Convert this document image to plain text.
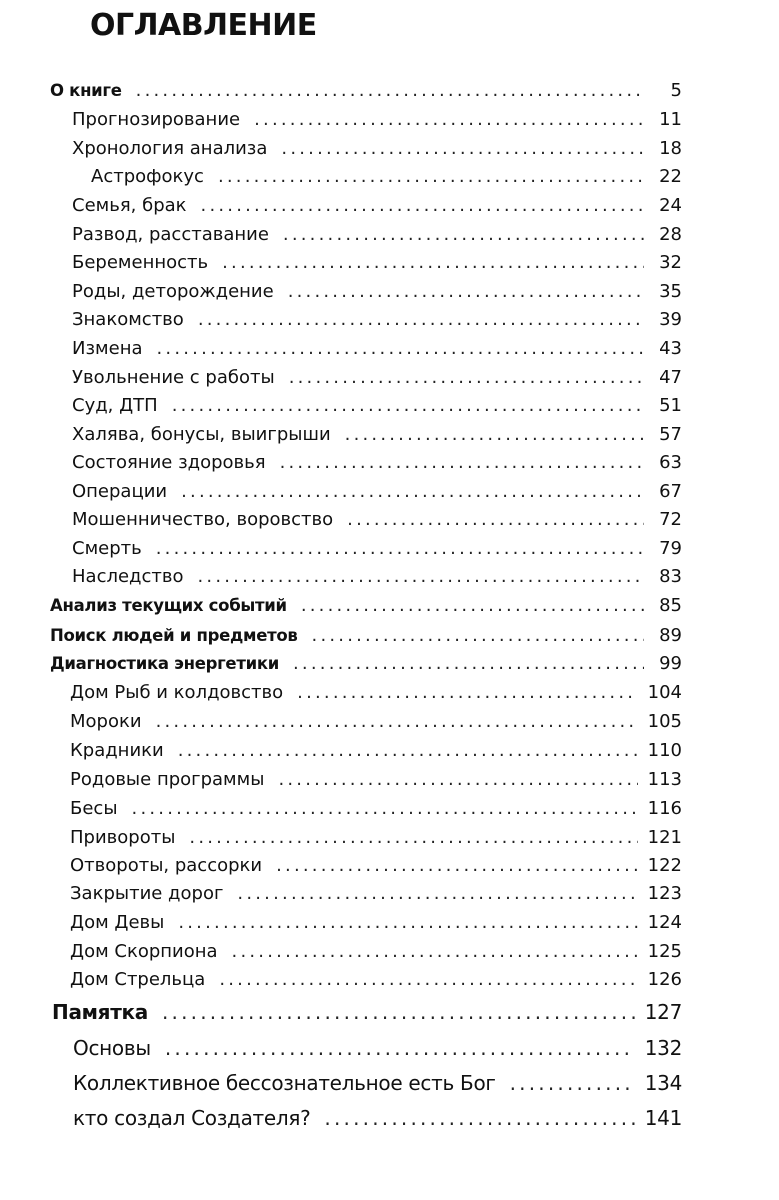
ОГЛАВЛЕНИЕ
О книге .....	5
Прогнозирование .....	11
Хронология анализа .....	18
Астрофокус .....	22
Семья, брак .....	24
Развод, расставание .....	28
Беременность .....	32
Роды, деторождение .....	35
Знакомство .....	39
Измена .....	43
Увольнение с работы .....	47
Суд, ДТП .....	51
Халява, бонусы, выигрыши .....	57
Состояние здоровья .....	63
Операции .....	67
Мошенничество, воровство .....	72
Смерть .....	79
Наследство .....	83
Анализ текущих событий .....	85
Поиск людей и предметов .....	89
Диагностика энергетики .....	99
Дом Рыб и колдовство .....	104
Мороки .....	105
Крадники .....	110
Родовые программы .....	113
Бесы .....	116
Привороты .....	121
Отвороты, рассорки .....	122
Закрытие дорог .....	123
Дом Девы .....	124
Дом Скорпиона .....	125
Дом Стрельца .....	126
Памятка .....	127
Основы .....	132
Коллективное бессознательное есть Бог .....	134
кто создал Создателя? .....	141
